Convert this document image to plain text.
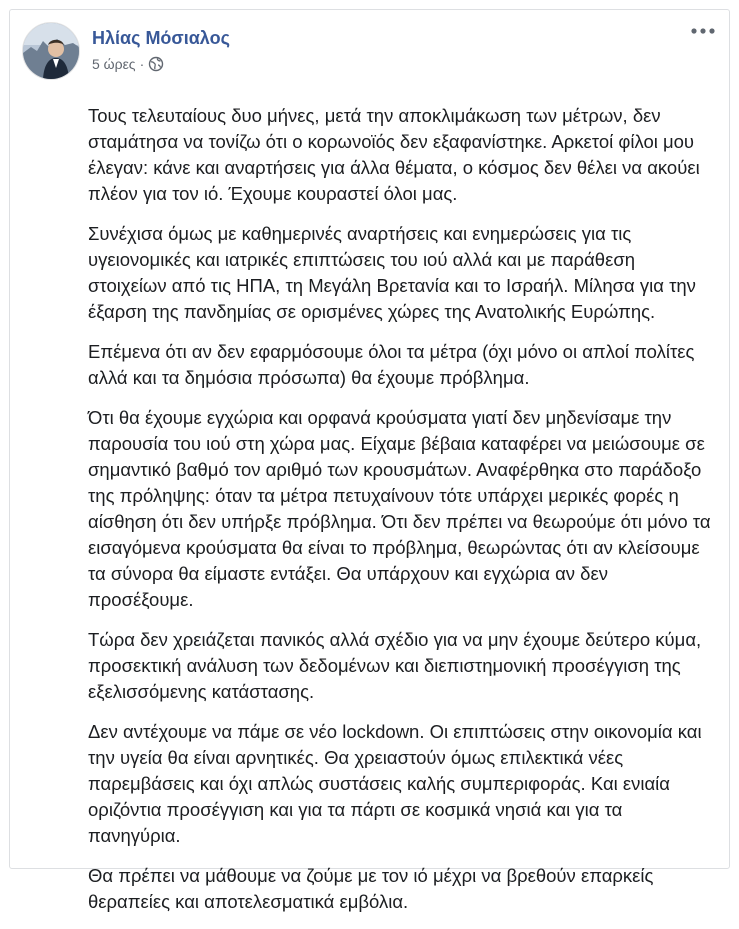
Ηλίας Μόσιαλος
5 ώρες ·

Τους τελευταίους δυο μήνες, μετά την αποκλιμάκωση των μέτρων, δεν σταμάτησα να τονίζω ότι ο κορωνοϊός δεν εξαφανίστηκε. Αρκετοί φίλοι μου έλεγαν: κάνε και αναρτήσεις για άλλα θέματα, ο κόσμος δεν θέλει να ακούει πλέον για τον ιό. Έχουμε κουραστεί όλοι μας.

Συνέχισα όμως με καθημερινές αναρτήσεις και ενημερώσεις για τις υγειονομικές και ιατρικές επιπτώσεις του ιού αλλά και με παράθεση στοιχείων από τις ΗΠΑ, τη Μεγάλη Βρετανία και το Ισραήλ. Μίλησα για την έξαρση της πανδημίας σε ορισμένες χώρες της Ανατολικής Ευρώπης.

Επέμενα ότι αν δεν εφαρμόσουμε όλοι τα μέτρα (όχι μόνο οι απλοί πολίτες αλλά και τα δημόσια πρόσωπα) θα έχουμε πρόβλημα.

Ότι θα έχουμε εγχώρια και ορφανά κρούσματα γιατί δεν μηδενίσαμε την παρουσία του ιού στη χώρα μας. Είχαμε βέβαια καταφέρει να μειώσουμε σε σημαντικό βαθμό τον αριθμό των κρουσμάτων. Αναφέρθηκα στο παράδοξο της πρόληψης: όταν τα μέτρα πετυχαίνουν τότε υπάρχει μερικές φορές η αίσθηση ότι δεν υπήρξε πρόβλημα. Ότι δεν πρέπει να θεωρούμε ότι μόνο τα εισαγόμενα κρούσματα θα είναι το πρόβλημα, θεωρώντας ότι αν κλείσουμε τα σύνορα θα είμαστε εντάξει. Θα υπάρχουν και εγχώρια αν δεν προσέξουμε.

Τώρα δεν χρειάζεται πανικός αλλά σχέδιο για να μην έχουμε δεύτερο κύμα, προσεκτική ανάλυση των δεδομένων και διεπιστημονική προσέγγιση της εξελισσόμενης κατάστασης.

Δεν αντέχουμε να πάμε σε νέο lockdown. Οι επιπτώσεις στην οικονομία και την υγεία θα είναι αρνητικές. Θα χρειαστούν όμως επιλεκτικά νέες παρεμβάσεις και όχι απλώς συστάσεις καλής συμπεριφοράς. Και ενιαία οριζόντια προσέγγιση και για τα πάρτι σε κοσμικά νησιά και για τα πανηγύρια.

Θα πρέπει να μάθουμε να ζούμε με τον ιό μέχρι να βρεθούν επαρκείς θεραπείες και αποτελεσματικά εμβόλια.
